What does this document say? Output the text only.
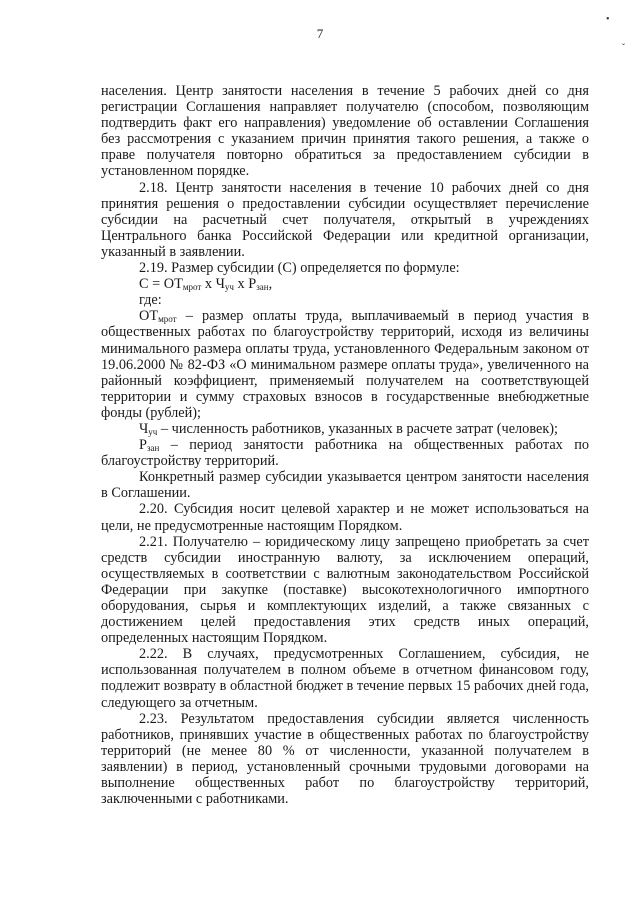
7
•
ˇ

населения. Центр занятости населения в течение 5 рабочих дней со дня регистрации Соглашения направляет получателю (способом, позволяющим подтвердить факт его направления) уведомление об оставлении Соглашения без рассмотрения с указанием причин принятия такого решения, а также о праве получателя повторно обратиться за предоставлением субсидии в установленном порядке.

2.18. Центр занятости населения в течение 10 рабочих дней со дня принятия решения о предоставлении субсидии осуществляет перечисление субсидии на расчетный счет получателя, открытый в учреждениях Центрального банка Российской Федерации или кредитной организации, указанный в заявлении.

2.19. Размер субсидии (С) определяется по формуле:

$С = ОТ_{мрот}$ х $Ч_{уч}$ х $Р_{зан}$,

где:

$ОТ_{мрот}$ – размер оплаты труда, выплачиваемый в период участия в общественных работах по благоустройству территорий, исходя из величины минимального размера оплаты труда, установленного Федеральным законом от 19.06.2000 № 82-ФЗ «О минимальном размере оплаты труда», увеличенного на районный коэффициент, применяемый получателем на соответствующей территории и сумму страховых взносов в государственные внебюджетные фонды (рублей);

$Ч_{уч}$ – численность работников, указанных в расчете затрат (человек);

$Р_{зан}$ – период занятости работника на общественных работах по благоустройству территорий.

Конкретный размер субсидии указывается центром занятости населения в Соглашении.

2.20. Субсидия носит целевой характер и не может использоваться на цели, не предусмотренные настоящим Порядком.

2.21. Получателю – юридическому лицу запрещено приобретать за счет средств субсидии иностранную валюту, за исключением операций, осуществляемых в соответствии с валютным законодательством Российской Федерации при закупке (поставке) высокотехнологичного импортного оборудования, сырья и комплектующих изделий, а также связанных с достижением целей предоставления этих средств иных операций, определенных настоящим Порядком.

2.22. В случаях, предусмотренных Соглашением, субсидия, не использованная получателем в полном объеме в отчетном финансовом году, подлежит возврату в областной бюджет в течение первых 15 рабочих дней года, следующего за отчетным.

2.23. Результатом предоставления субсидии является численность работников, принявших участие в общественных работах по благоустройству территорий (не менее 80 % от численности, указанной получателем в заявлении) в период, установленный срочными трудовыми договорами на выполнение общественных работ по благоустройству территорий, заключенными с работниками.
